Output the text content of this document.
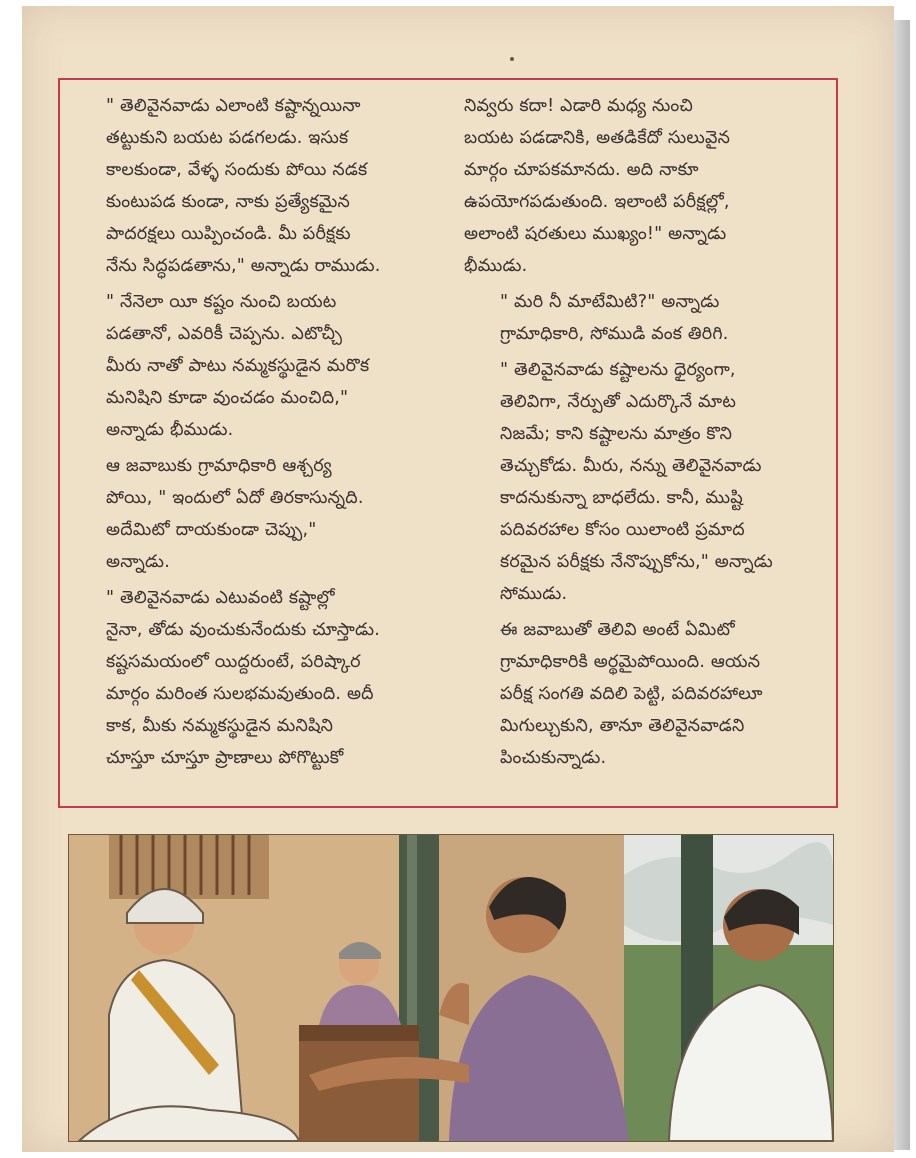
" తెలివైనవాడు ఎలాంటి కష్టాన్నయినా
తట్టుకుని బయట పడగలడు. ఇసుక
కాలకుండా, వేళ్ళ సందుకు పోయి నడక
కుంటుపడ కుండా, నాకు ప్రత్యేకమైన
పాదరక్షలు యిప్పించండి. మీ పరీక్షకు
నేను సిద్ధపడతాను," అన్నాడు రాముడు.

" నేనెలా యీ కష్టం నుంచి బయట
పడతానో, ఎవరికీ చెప్పను. ఎటొచ్చీ
మీరు నాతో పాటు నమ్మకస్థుడైన మరొక
మనిషిని కూడా వుంచడం మంచిది,"
అన్నాడు భీముడు.

ఆ జవాబుకు గ్రామాధికారి ఆశ్చర్య
పోయి, " ఇందులో ఏదో తిరకాసున్నది.
అదేమిటో దాయకుండా చెప్పు,"
అన్నాడు.

" తెలివైనవాడు ఎటువంటి కష్టాల్లో
నైనా, తోడు వుంచుకునేందుకు చూస్తాడు.
కష్టసమయంలో యిద్దరుంటే, పరిష్కార
మార్గం మరింత సులభమవుతుంది. అదీ
కాక, మీకు నమ్మకస్థుడైన మనిషిని
చూస్తూ చూస్తూ ప్రాణాలు పోగొట్టుకో

నివ్వరు కదా! ఎడారి మధ్య నుంచి
బయట పడడానికి, అతడికేదో సులువైన
మార్గం చూపకమానదు. అది నాకూ
ఉపయోగపడుతుంది. ఇలాంటి పరీక్షల్లో,
అలాంటి షరతులు ముఖ్యం!" అన్నాడు
భీముడు.

" మరి నీ మాటేమిటి?" అన్నాడు
గ్రామాధికారి, సోముడి వంక తిరిగి.

" తెలివైనవాడు కష్టాలను ధైర్యంగా,
తెలివిగా, నేర్పుతో ఎదుర్కొనే మాట
నిజమే; కాని కష్టాలను మాత్రం కొని
తెచ్చుకోడు. మీరు, నన్ను తెలివైనవాడు
కాదనుకున్నా బాధలేదు. కానీ, ముష్టి
పదివరహాల కోసం యిలాంటి ప్రమాద
కరమైన పరీక్షకు నేనొప్పుకోను," అన్నాడు
సోముడు.

ఈ జవాబుతో తెలివి అంటే ఏమిటో
గ్రామాధికారికి అర్థమైపోయింది. ఆయన
పరీక్ష సంగతి వదిలి పెట్టి, పదివరహాలూ
మిగుల్చుకుని, తానూ తెలివైనవాడని
పించుకున్నాడు.
